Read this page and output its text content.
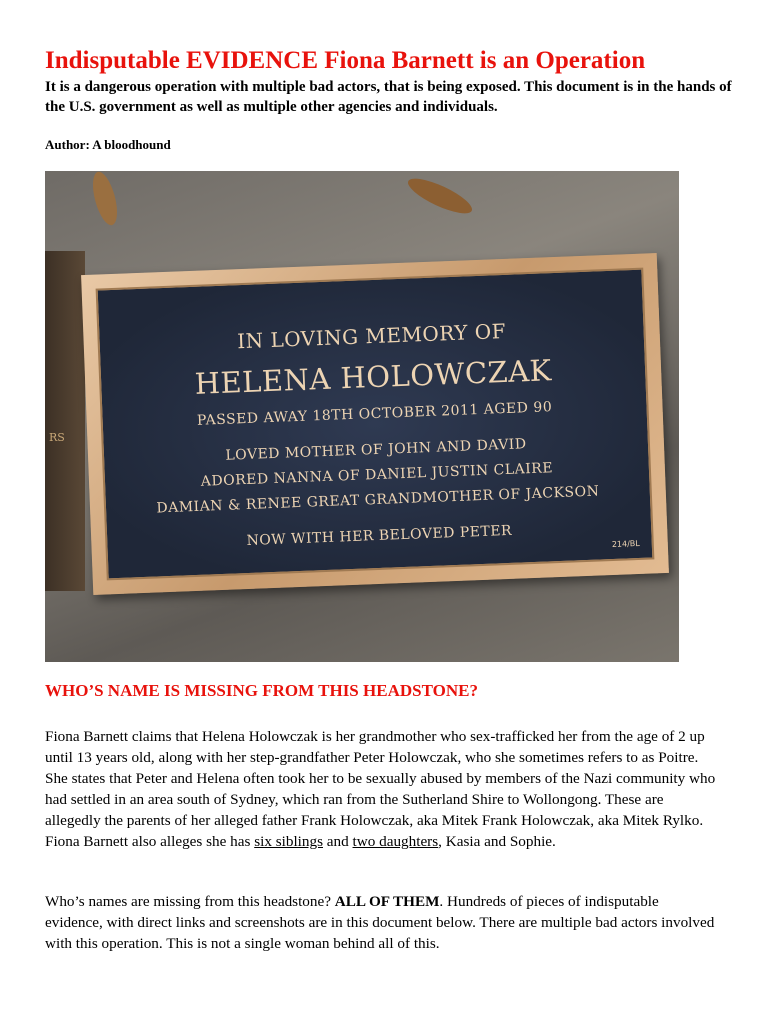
Indisputable EVIDENCE Fiona Barnett is an Operation

It is a dangerous operation with multiple bad actors, that is being exposed. This document is in the hands of the U.S. government as well as multiple other agencies and individuals.

Author: A bloodhound

RS
IN LOVING MEMORY OF
HELENA HOLOWCZAK
PASSED AWAY 18TH OCTOBER 2011 AGED 90
LOVED MOTHER OF JOHN AND DAVID
ADORED NANNA OF DANIEL JUSTIN CLAIRE
DAMIAN & RENEE GREAT GRANDMOTHER OF JACKSON
NOW WITH HER BELOVED PETER	214/BL
WHO’S NAME IS MISSING FROM THIS HEADSTONE?

Fiona Barnett claims that Helena Holowczak is her grandmother who sex-trafficked her from the age of 2 up until 13 years old, along with her step-grandfather Peter Holowczak, who she sometimes refers to as Poitre. She states that Peter and Helena often took her to be sexually abused by members of the Nazi community who had settled in an area south of Sydney, which ran from the Sutherland Shire to Wollongong. These are allegedly the parents of her alleged father Frank Holowczak, aka Mitek Frank Holowczak, aka Mitek Rylko. Fiona Barnett also alleges she has six siblings and two daughters, Kasia and Sophie.

Who’s names are missing from this headstone? ALL OF THEM. Hundreds of pieces of indisputable evidence, with direct links and screenshots are in this document below. There are multiple bad actors involved with this operation. This is not a single woman behind all of this.
